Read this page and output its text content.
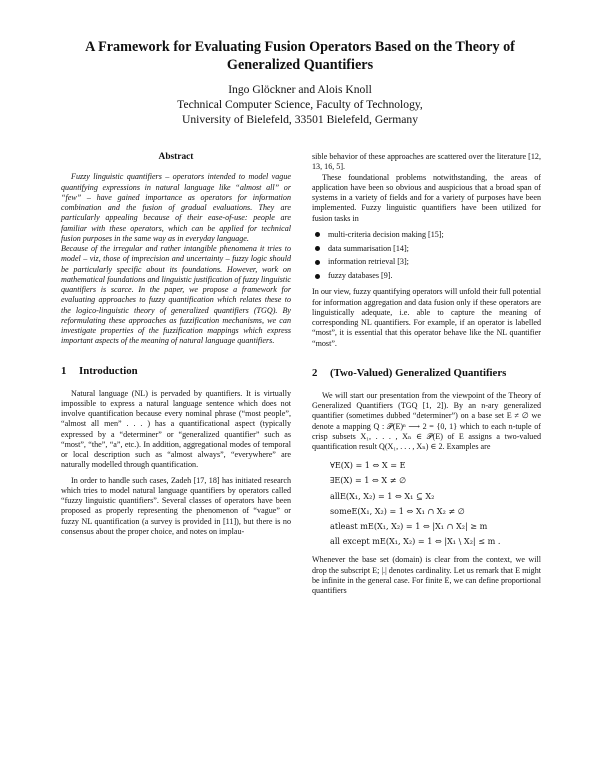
A Framework for Evaluating Fusion Operators Based on the Theory of
Generalized Quantifiers
Ingo Glöckner and Alois Knoll
Technical Computer Science, Faculty of Technology,
University of Bielefeld, 33501 Bielefeld, Germany

Abstract

Fuzzy linguistic quantifiers – operators intended to model vague quantifying expressions in natural language like “almost all” or “few” – have gained importance as operators for information combination and the fusion of gradual evaluations. They are particularly appealing because of their ease-of-use: people are familiar with these operators, which can be applied for technical fusion purposes in the same way as in everyday language.

Because of the irregular and rather intangible phenomena it tries to model – viz, those of imprecision and uncertainty – fuzzy logic should be particularly specific about its foundations. However, work on mathematical foundations and linguistic justification of fuzzy linguistic quantifiers is scarce. In the paper, we propose a framework for evaluating approaches to fuzzy quantification which relates these to the logico-linguistic theory of generalized quantifiers (TGQ). By reformulating these approaches as fuzzification mechanisms, we can investigate properties of the fuzzification mappings which express important aspects of the meaning of natural language quantifiers.

1 Introduction

Natural language (NL) is pervaded by quantifiers. It is virtually impossible to express a natural language sentence which does not involve quantification because every nominal phrase (“most people”, “almost all men” . . . ) has a quantificational aspect (typically expressed by a “determiner” or “generalized quantifier” such as “most”, “the”, “a”, etc.). In addition, aggregational modes of temporal or local description such as “almost always”, “everywhere” are naturally modelled through quantification.

In order to handle such cases, Zadeh [17, 18] has initiated research which tries to model natural language quantifiers by operators called “fuzzy linguistic quantifiers”. Several classes of operators have been proposed as properly representing the phenomenon of “vague” or fuzzy NL quantification (a survey is provided in [11]), but there is no consensus about the proper choice, and notes on implau-

sible behavior of these approaches are scattered over the literature [12, 13, 16, 5].

These foundational problems notwithstanding, the areas of application have been so obvious and auspicious that a broad span of systems in a variety of fields and for a variety of purposes have been implemented. Fuzzy linguistic quantifiers have been utilized for fusion tasks in

multi-criteria decision making [15];
data summarisation [14];
information retrieval [3];
fuzzy databases [9].

In our view, fuzzy quantifying operators will unfold their full potential for information aggregation and data fusion only if these operators are linguistically adequate, i.e. able to capture the meaning of corresponding NL quantifiers. For example, if an operator is labelled “most”, it is essential that this operator behave like the NL quantifier “most”.

2 (Two-Valued) Generalized Quantifiers

We will start our presentation from the viewpoint of the Theory of Generalized Quantifiers (TGQ [1, 2]). By an n-ary generalized quantifier (sometimes dubbed “determiner”) on a base set E ≠ ∅ we denote a mapping Q : 𝒫(E)ⁿ ⟶ 2 = {0, 1} which to each n-tuple of crisp subsets X₁, . . . , Xₙ ∈ 𝒫(E) of E assigns a two-valued quantification result Q(X₁, . . . , Xₙ) ∈ 2. Examples are

∀E(X) = 1 ⇔ X = E
∃E(X) = 1 ⇔ X ≠ ∅
allE(X₁, X₂) = 1 ⇔ X₁ ⊆ X₂
someE(X₁, X₂) = 1 ⇔ X₁ ∩ X₂ ≠ ∅
atleast mE(X₁, X₂) = 1 ⇔ |X₁ ∩ X₂| ≥ m
all except mE(X₁, X₂) = 1 ⇔ |X₁ \ X₂| ≤ m .

Whenever the base set (domain) is clear from the context, we will drop the subscript E; |.| denotes cardinality. Let us remark that E might be infinite in the general case. For finite E, we can define proportional quantifiers
